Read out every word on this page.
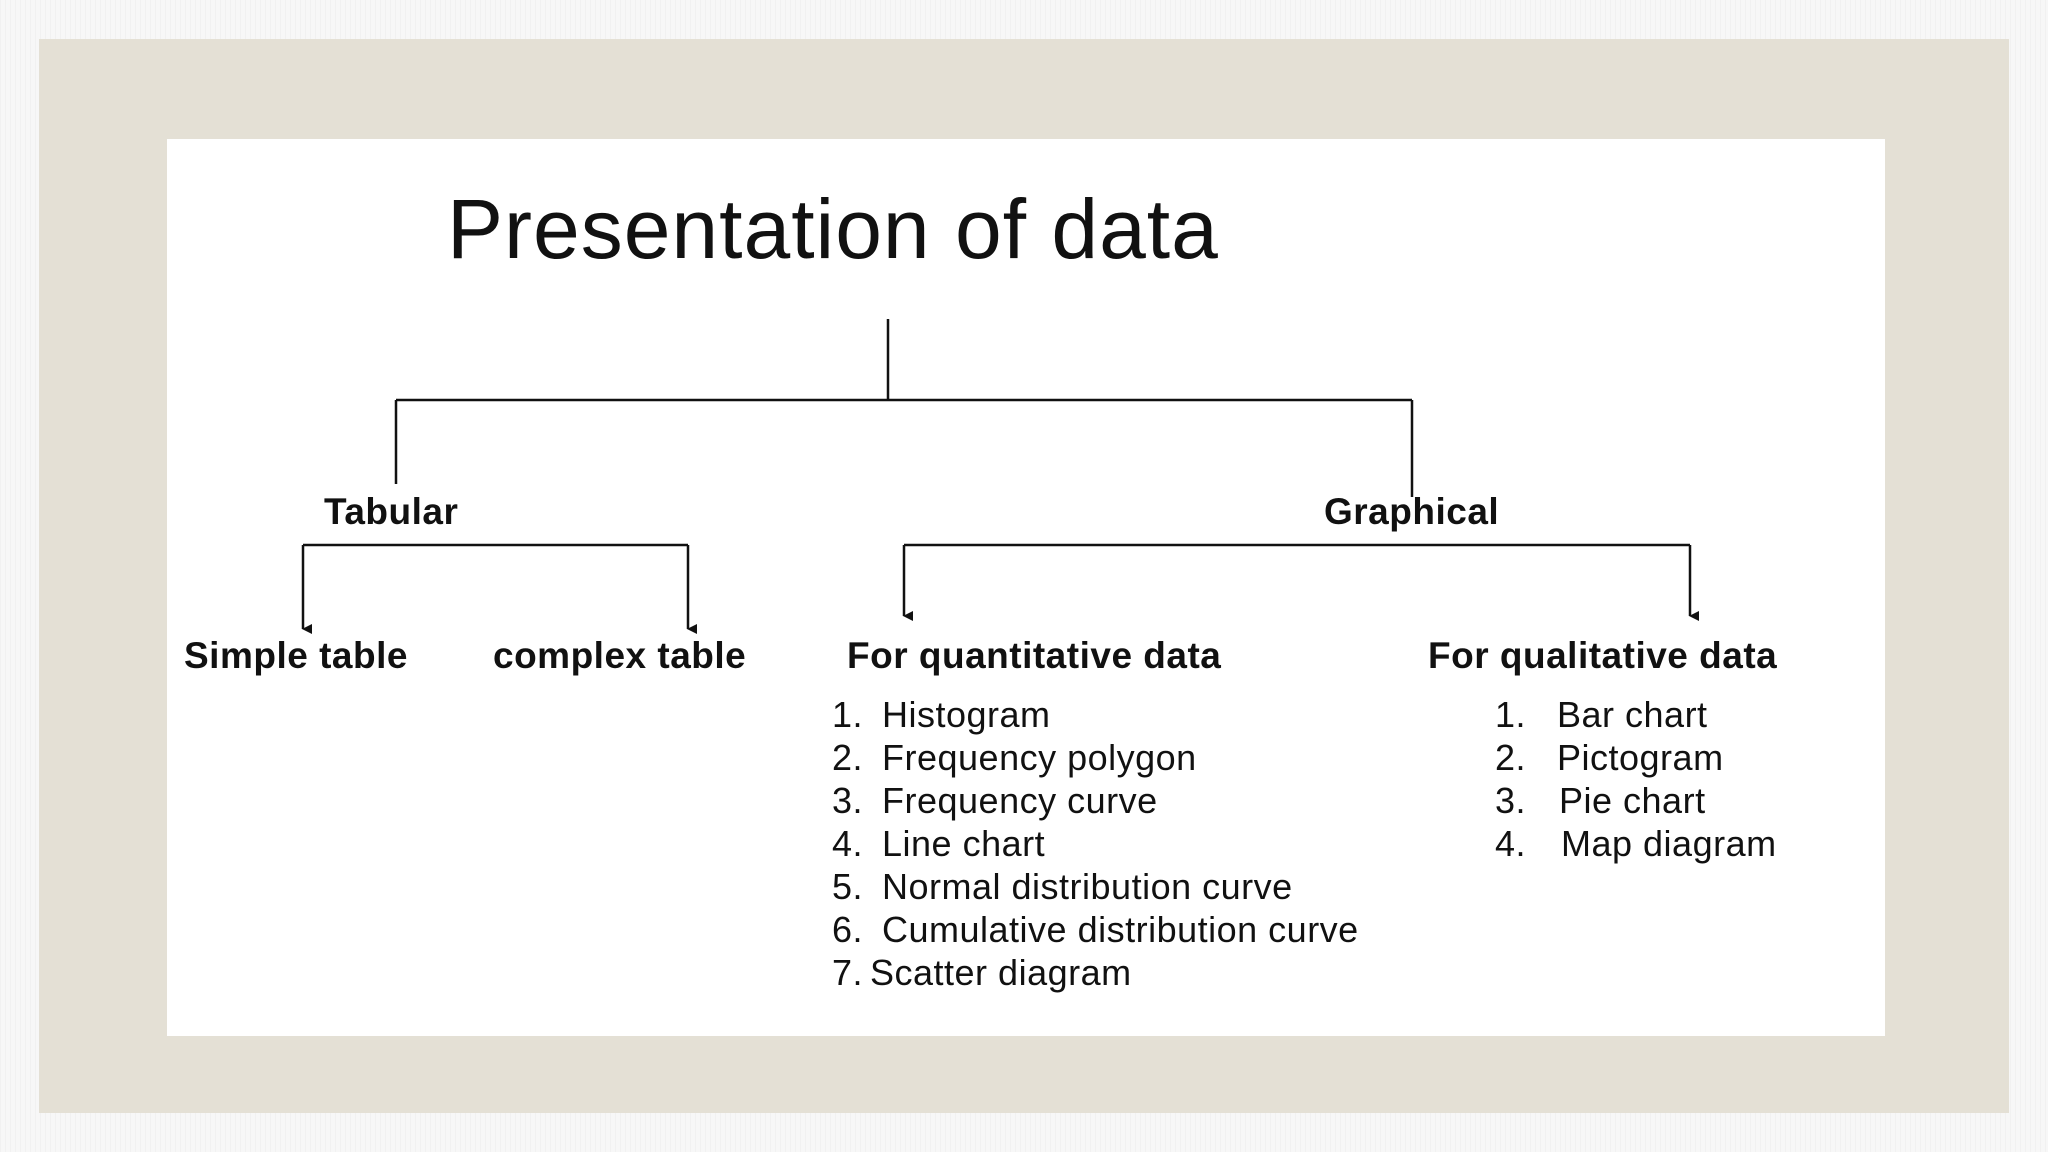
Presentation of data
Tabular	Graphical
Simple table complex table	For quantitative data	For qualitative data
1. Histogram
2. Frequency polygon
3. Frequency curve
4. Line chart
5. Normal distribution curve
6. Cumulative distribution curve
7. Scatter diagram
1. Bar chart
2. Pictogram
3. Pie chart
4. Map diagram
